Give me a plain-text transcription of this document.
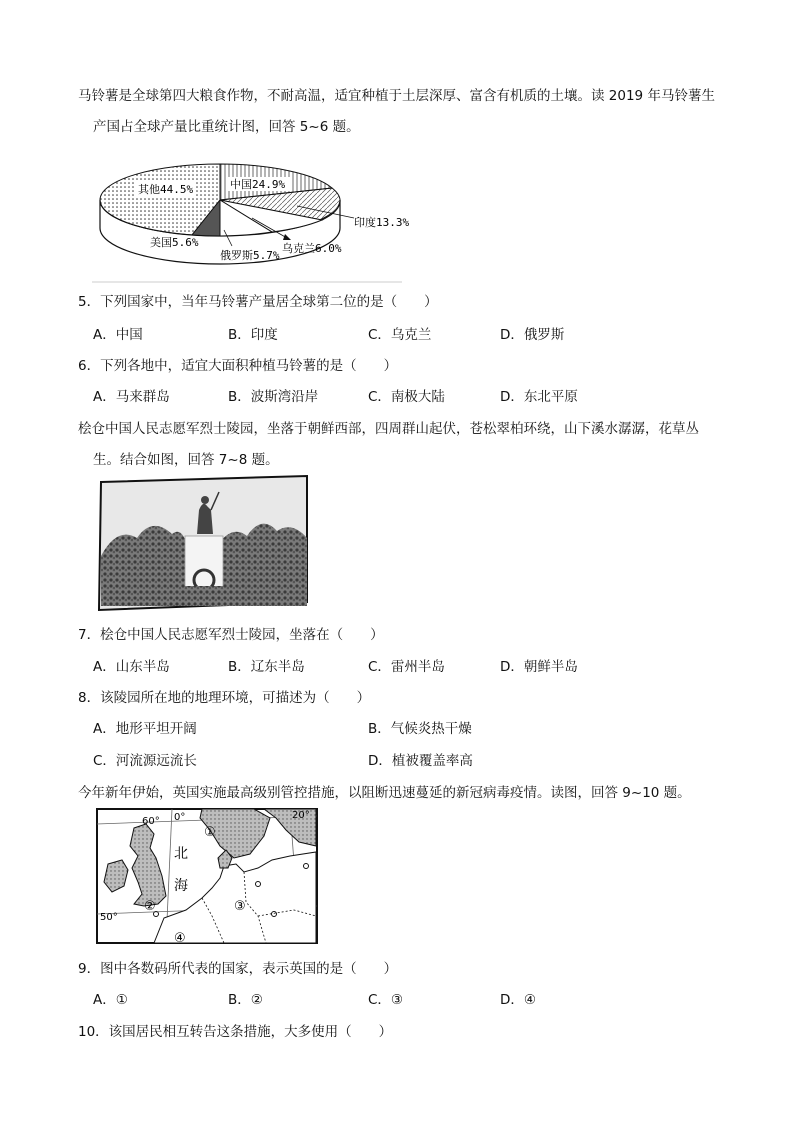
马铃薯是全球第四大粮食作物，不耐高温，适宜种植于土层深厚、富含有机质的土壤。读 2019 年马铃薯生
产国占全球产量比重统计图，回答 5~6 题。
其他44.5%	中国24.9%
印度13.3%
美国5.6%	乌克兰6.0%
俄罗斯5.7%
5．下列国家中，当年马铃薯产量居全球第二位的是（　　）
A．中国	B．印度	C．乌克兰	D．俄罗斯
6．下列各地中，适宜大面积种植马铃薯的是（　　）
A．马来群岛	B．波斯湾沿岸	C．南极大陆	D．东北平原
桧仓中国人民志愿军烈士陵园，坐落于朝鲜西部，四周群山起伏，苍松翠柏环绕，山下溪水潺潺，花草丛
生。结合如图，回答 7~8 题。
7．桧仓中国人民志愿军烈士陵园，坐落在（　　）
A．山东半岛	B．辽东半岛	C．雷州半岛	D．朝鲜半岛
8．该陵园所在地的地理环境，可描述为（　　）
A．地形平坦开阔	B．气候炎热干燥
C．河流源远流长	D．植被覆盖率高
今年新年伊始，英国实施最高级别管控措施，以阻断迅速蔓延的新冠病毒疫情。读图，回答 9~10 题。
60° 0°	20°
50°
北
海
①
②	③
④
9．图中各数码所代表的国家，表示英国的是（　　）
A．①	B．②	C．③	D．④
10．该国居民相互转告这条措施，大多使用（　　）
